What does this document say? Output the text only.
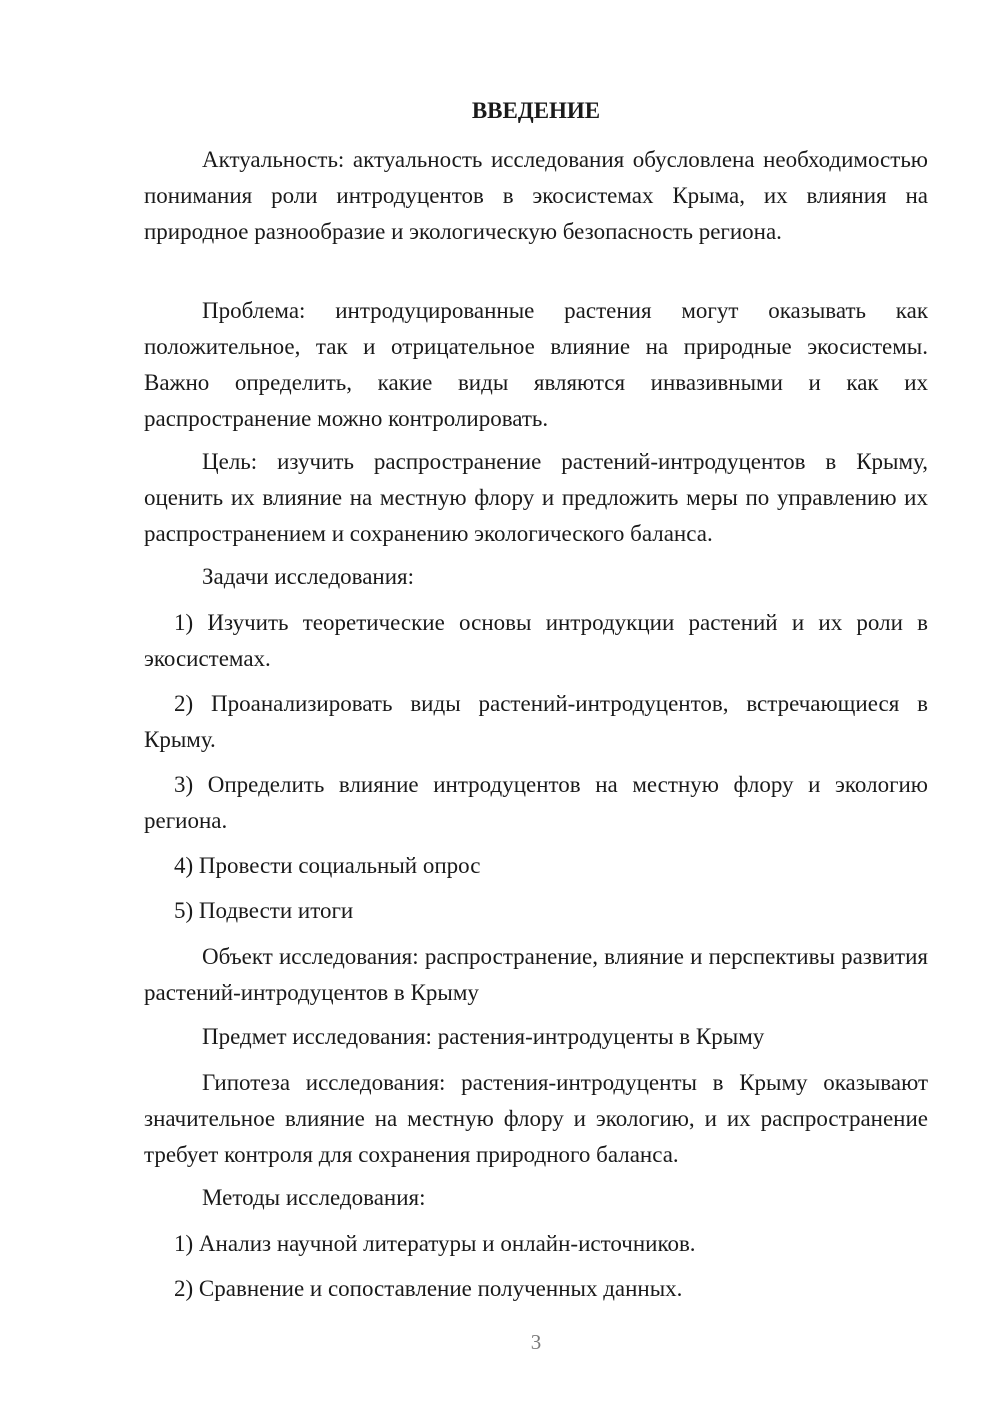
ВВЕДЕНИЕ

Актуальность: актуальность исследования обусловлена необходимостью понимания роли интродуцентов в экосистемах Крыма, их влияния на природное разнообразие и экологическую безопасность региона.

Проблема: интродуцированные растения могут оказывать как положительное, так и отрицательное влияние на природные экосистемы. Важно определить, какие виды являются инвазивными и как их распространение можно контролировать.

Цель: изучить распространение растений-интродуцентов в Крыму, оценить их влияние на местную флору и предложить меры по управлению их распространением и сохранению экологического баланса.

Задачи исследования:

1) Изучить теоретические основы интродукции растений и их роли в экосистемах.

2) Проанализировать виды растений-интродуцентов, встречающиеся в Крыму.

3) Определить влияние интродуцентов на местную флору и экологию региона.

4) Провести социальный опрос

5) Подвести итоги

Объект исследования: распространение, влияние и перспективы развития растений-интродуцентов в Крыму

Предмет исследования: растения-интродуценты в Крыму

Гипотеза исследования: растения-интродуценты в Крыму оказывают значительное влияние на местную флору и экологию, и их распространение требует контроля для сохранения природного баланса.

Методы исследования:

1) Анализ научной литературы и онлайн-источников.

2) Сравнение и сопоставление полученных данных.

3
